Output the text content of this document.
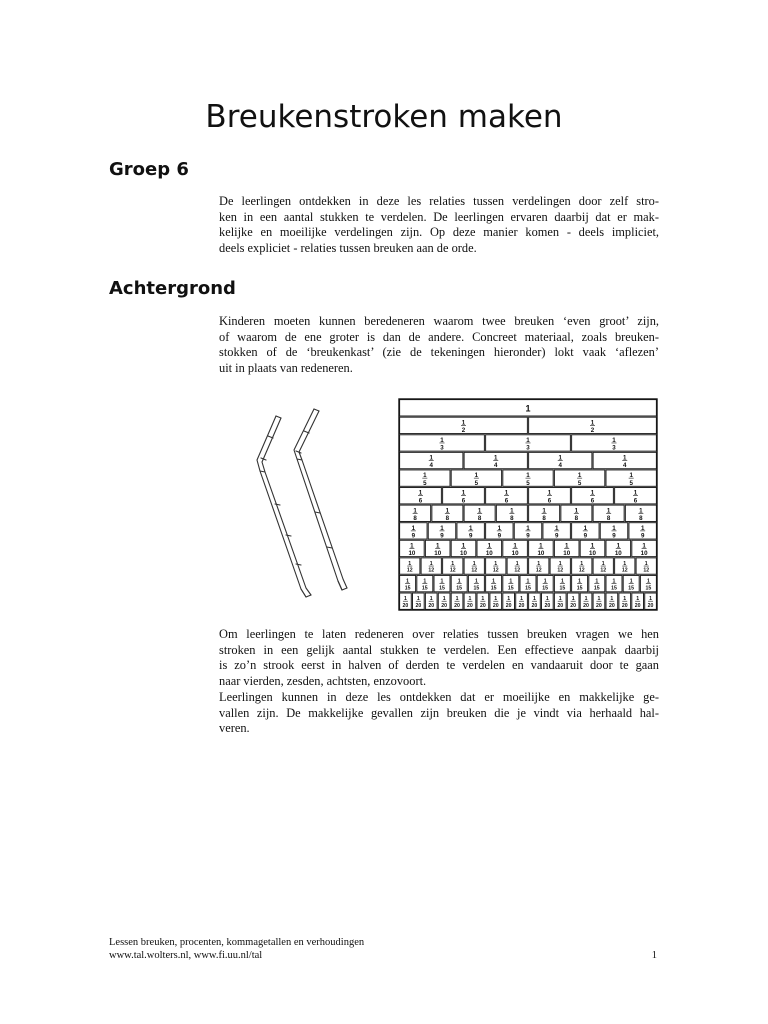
Breukenstroken maken
Groep 6
De leerlingen ontdekken in deze les relaties tussen verdelingen door zelf stro-
ken in een aantal stukken te verdelen. De leerlingen ervaren daarbij dat er mak-
kelijke en moeilijke verdelingen zijn. Op deze manier komen - deels impliciet,
deels expliciet - relaties tussen breuken aan de orde.
Achtergrond
Kinderen moeten kunnen beredeneren waarom twee breuken ‘even groot’ zijn,
of waarom de ene groter is dan de andere. Concreet materiaal, zoals breuken-
stokken of de ‘breukenkast’ (zie de tekeningen hieronder) lokt vaak ‘aflezen’
uit in plaats van redeneren.
1
1
2
1
2
1
3
1
3
1
3
1
4
1
4
1
4
1
4
1
5
1
5
1
5
1
5
1
5
1
6
1
6
1
6
1
6
1
6
1
6
1
8
1
8
1
8
1
8
1
8
1
8
1
8
1
8
1
9
1
9
1
9
1
9
1
9
1
9
1
9
1
9
1
9
1
10
1
10
1
10
1
10
1
10
1
10
1
10
1
10
1
10
1
10
1
12
1
12
1
12
1
12
1
12
1
12
1
12
1
12
1
12
1
12
1
12
1
12
1
15
1
15
1
15
1
15
1
15
1
15
1
15
1
15
1
15
1
15
1
15
1
15
1
15
1
15
1
15
1
20
1
20
1
20
1
20
1
20
1
20
1
20
1
20
1
20
1
20
1
20
1
20
1
20
1
20
1
20
1
20
1
20
1
20
1
20
1
20
Om leerlingen te laten redeneren over relaties tussen breuken vragen we hen
stroken in een gelijk aantal stukken te verdelen. Een effectieve aanpak daarbij
is zo’n strook eerst in halven of derden te verdelen en vandaaruit door te gaan
naar vierden, zesden, achtsten, enzovoort.
Leerlingen kunnen in deze les ontdekken dat er moeilijke en makkelijke ge-
vallen zijn. De makkelijke gevallen zijn breuken die je vindt via herhaald hal-
veren.
Lessen breuken, procenten, kommagetallen en verhoudingen
www.tal.wolters.nl, www.fi.uu.nl/tal	1
